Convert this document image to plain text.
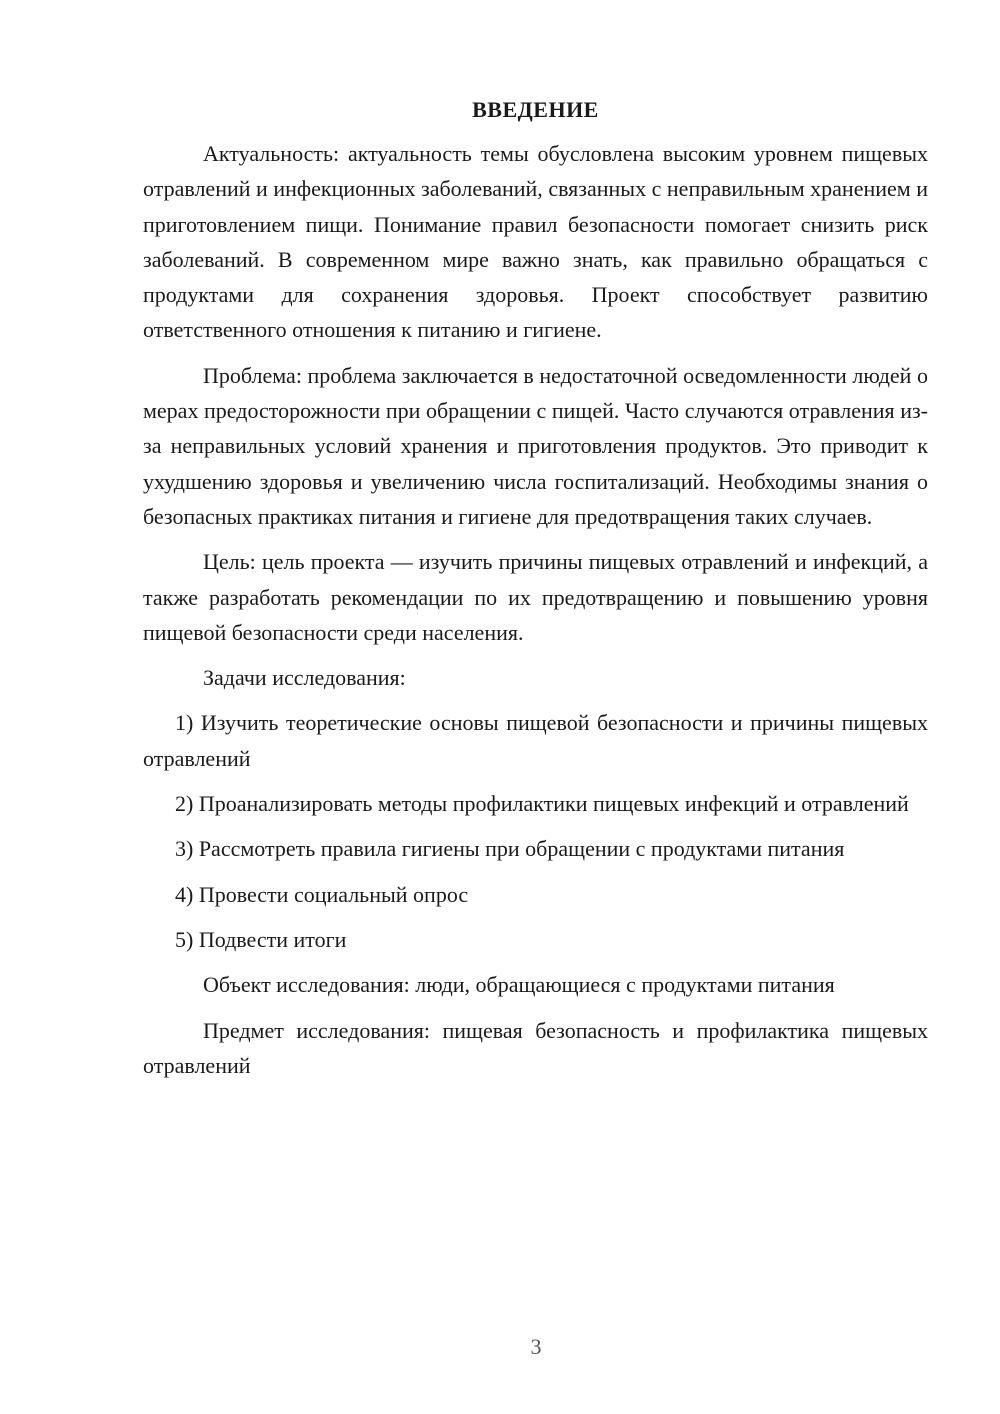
ВВЕДЕНИЕ

Актуальность: актуальность темы обусловлена высоким уровнем пищевых отравлений и инфекционных заболеваний, связанных с неправильным хранением и приготовлением пищи. Понимание правил безопасности помогает снизить риск заболеваний. В современном мире важно знать, как правильно обращаться с продуктами для сохранения здоровья. Проект способствует развитию ответственного отношения к питанию и гигиене.

Проблема: проблема заключается в недостаточной осведомленности людей о мерах предосторожности при обращении с пищей. Часто случаются отравления из-за неправильных условий хранения и приготовления продуктов. Это приводит к ухудшению здоровья и увеличению числа госпитализаций. Необходимы знания о безопасных практиках питания и гигиене для предотвращения таких случаев.

Цель: цель проекта — изучить причины пищевых отравлений и инфекций, а также разработать рекомендации по их предотвращению и повышению уровня пищевой безопасности среди населения.

Задачи исследования:

1) Изучить теоретические основы пищевой безопасности и причины пищевых отравлений

2) Проанализировать методы профилактики пищевых инфекций и отравлений

3) Рассмотреть правила гигиены при обращении с продуктами питания

4) Провести социальный опрос

5) Подвести итоги

Объект исследования: люди, обращающиеся с продуктами питания

Предмет исследования: пищевая безопасность и профилактика пищевых отравлений

3
